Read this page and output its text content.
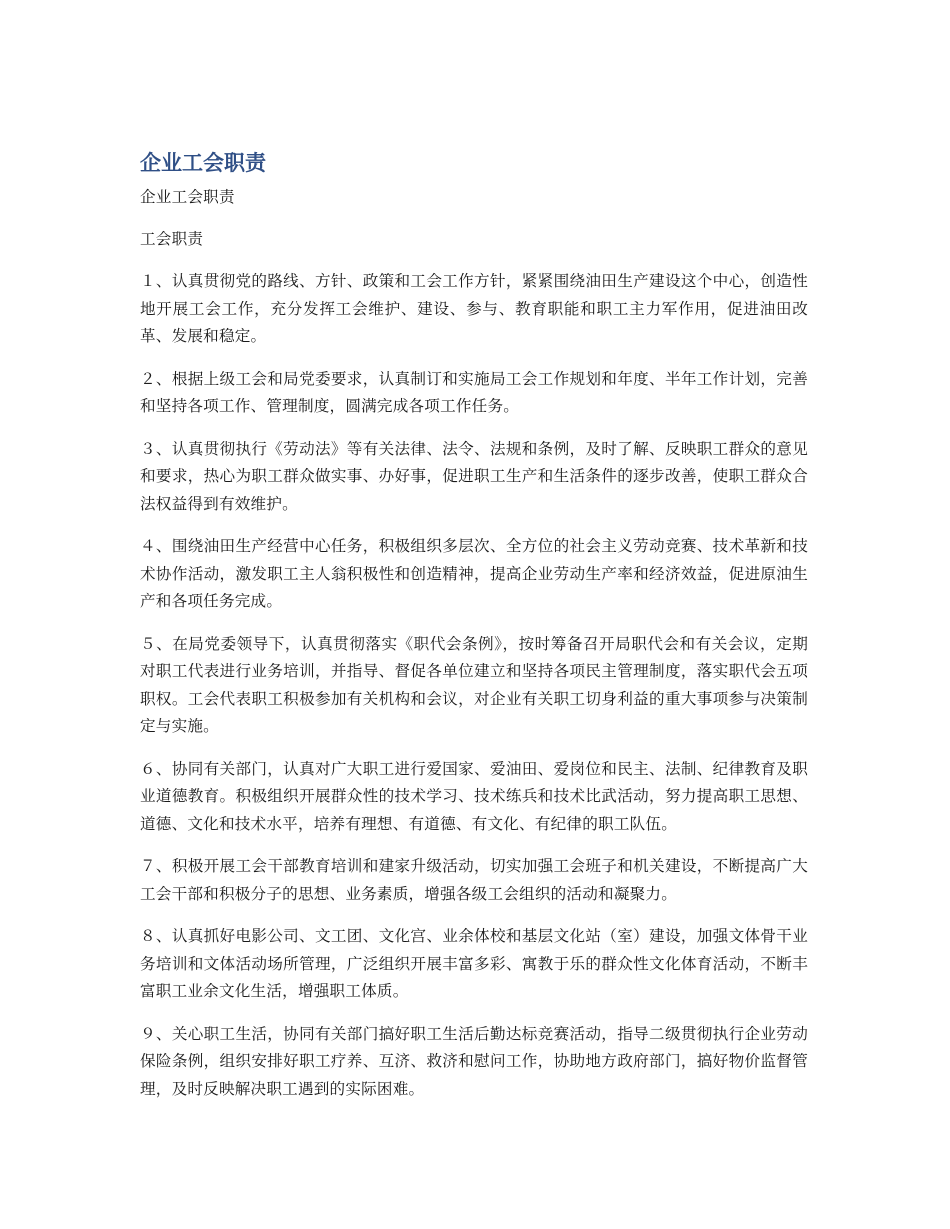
企业工会职责
企业工会职责
工会职责
１、认真贯彻党的路线、方针、政策和工会工作方针，紧紧围绕油田生产建设这个中心，创造性地开展工会工作，充分发挥工会维护、建设、参与、教育职能和职工主力军作用，促进油田改革、发展和稳定。
２、根据上级工会和局党委要求，认真制订和实施局工会工作规划和年度、半年工作计划，完善和坚持各项工作、管理制度，圆满完成各项工作任务。
３、认真贯彻执行《劳动法》等有关法律、法令、法规和条例，及时了解、反映职工群众的意见和要求，热心为职工群众做实事、办好事，促进职工生产和生活条件的逐步改善，使职工群众合法权益得到有效维护。
４、围绕油田生产经营中心任务，积极组织多层次、全方位的社会主义劳动竞赛、技术革新和技术协作活动，激发职工主人翁积极性和创造精神，提高企业劳动生产率和经济效益，促进原油生产和各项任务完成。
５、在局党委领导下，认真贯彻落实《职代会条例》，按时筹备召开局职代会和有关会议，定期对职工代表进行业务培训，并指导、督促各单位建立和坚持各项民主管理制度，落实职代会五项职权。工会代表职工积极参加有关机构和会议，对企业有关职工切身利益的重大事项参与决策制定与实施。
６、协同有关部门，认真对广大职工进行爱国家、爱油田、爱岗位和民主、法制、纪律教育及职业道德教育。积极组织开展群众性的技术学习、技术练兵和技术比武活动，努力提高职工思想、道德、文化和技术水平，培养有理想、有道德、有文化、有纪律的职工队伍。
７、积极开展工会干部教育培训和建家升级活动，切实加强工会班子和机关建设，不断提高广大工会干部和积极分子的思想、业务素质，增强各级工会组织的活动和凝聚力。
８、认真抓好电影公司、文工团、文化宫、业余体校和基层文化站（室）建设，加强文体骨干业务培训和文体活动场所管理，广泛组织开展丰富多彩、寓教于乐的群众性文化体育活动，不断丰富职工业余文化生活，增强职工体质。
９、关心职工生活，协同有关部门搞好职工生活后勤达标竞赛活动，指导二级贯彻执行企业劳动保险条例，组织安排好职工疗养、互济、救济和慰问工作，协助地方政府部门，搞好物价监督管理，及时反映解决职工遇到的实际困难。
